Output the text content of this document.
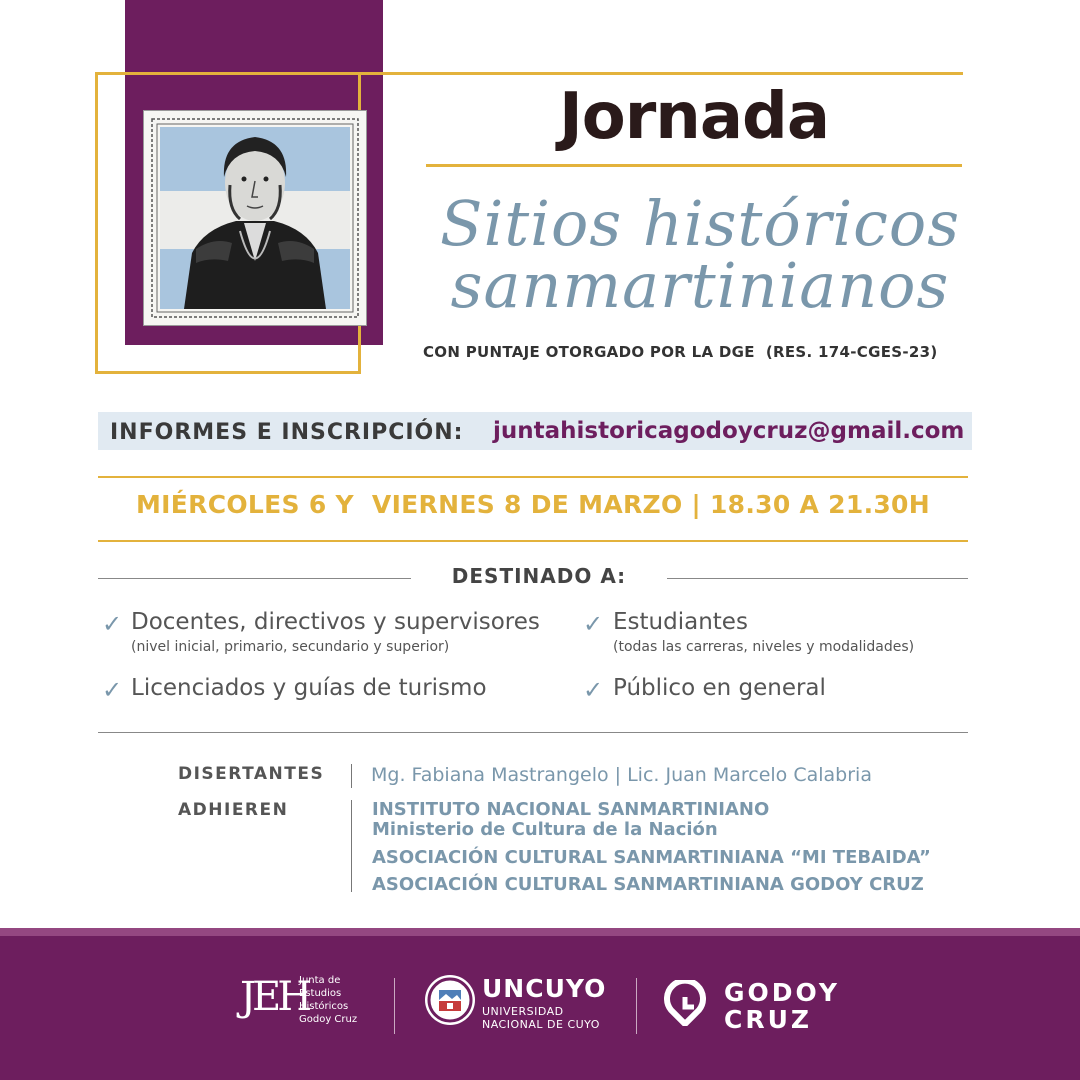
Jornada
Sitios históricos
sanmartinianos
CON PUNTAJE OTORGADO POR LA DGE  (RES. 174-CGES-23)
INFORMES E INSCRIPCIÓN: juntahistoricagodoycruz@gmail.com
MIÉRCOLES 6 Y  VIERNES 8 DE MARZO | 18.30 A 21.30H
DESTINADO A:
✓ Docentes, directivos y supervisores
(nivel inicial, primario, secundario y superior)
✓ Estudiantes
(todas las carreras, niveles y modalidades)
✓ Licenciados y guías de turismo	✓ Público en general
DISERTANTES Mg. Fabiana Mastrangelo | Lic. Juan Marcelo Calabria
ADHIEREN	INSTITUTO NACIONAL SANMARTINIANO
Ministerio de Cultura de la Nación
ASOCIACIÓN CULTURAL SANMARTINIANA “MI TEBAIDA”
ASOCIACIÓN CULTURAL SANMARTINIANA GODOY CRUZ
JEH
Junta de
Estudios
Históricos
Godoy Cruz
UNCUYO
UNIVERSIDAD
NACIONAL DE CUYO
GODOY
CRUZ
